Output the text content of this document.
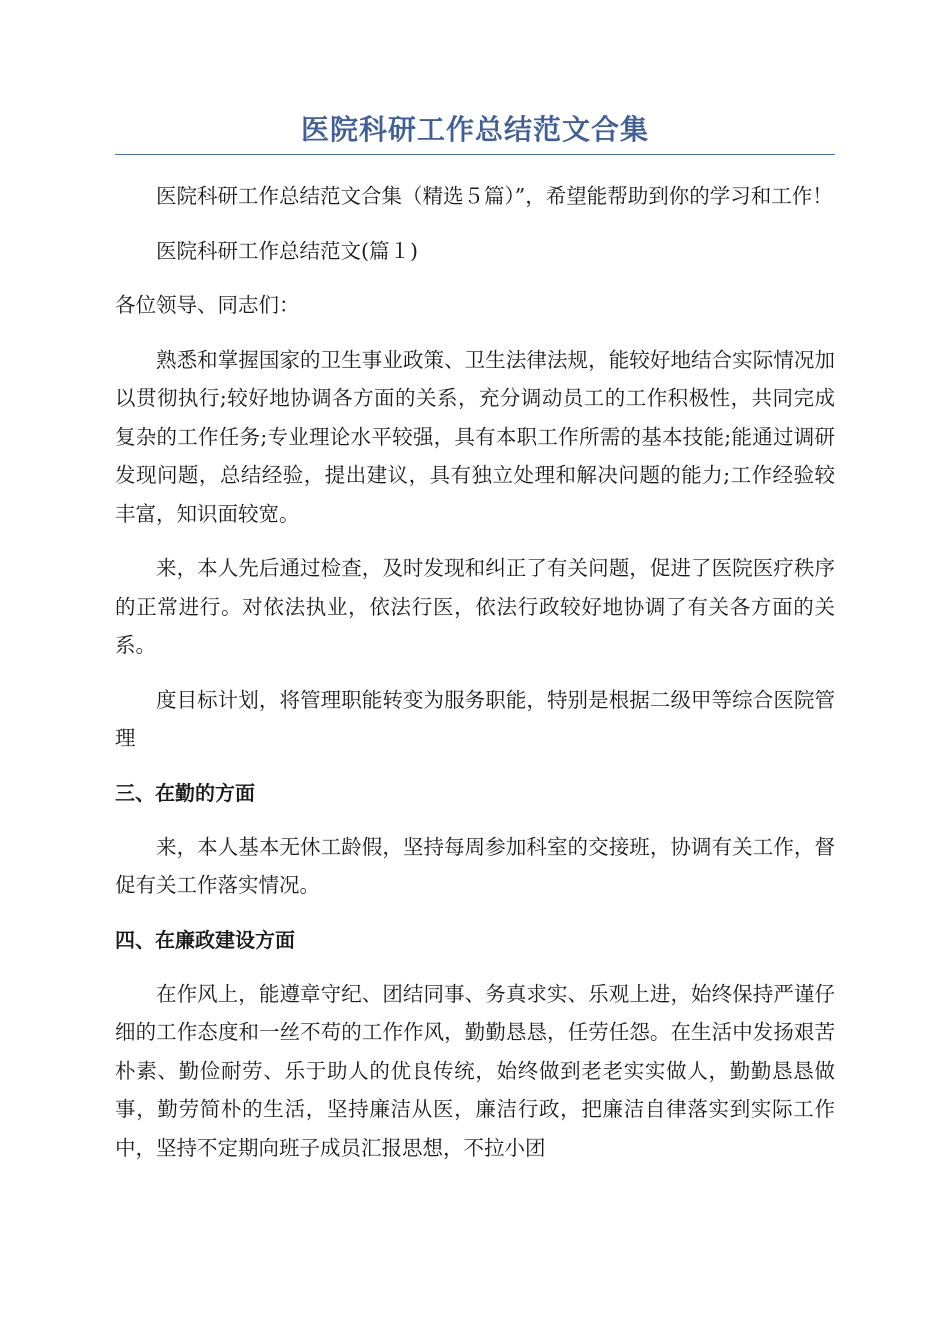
医院科研工作总结范文合集

医院科研工作总结范文合集（精选５篇）”，希望能帮助到你的学习和工作！

医院科研工作总结范文(篇１)

各位领导、同志们：

熟悉和掌握国家的卫生事业政策、卫生法律法规，能较好地结合实际情况加以贯彻执行;较好地协调各方面的关系，充分调动员工的工作积极性，共同完成复杂的工作任务;专业理论水平较强，具有本职工作所需的基本技能;能通过调研发现问题，总结经验，提出建议，具有独立处理和解决问题的能力;工作经验较丰富，知识面较宽。

来，本人先后通过检查，及时发现和纠正了有关问题，促进了医院医疗秩序的正常进行。对依法执业，依法行医，依法行政较好地协调了有关各方面的关系。

度目标计划，将管理职能转变为服务职能，特别是根据二级甲等综合医院管理

三、在勤的方面

来，本人基本无休工龄假，坚持每周参加科室的交接班，协调有关工作，督促有关工作落实情况。

四、在廉政建设方面

在作风上，能遵章守纪、团结同事、务真求实、乐观上进，始终保持严谨仔细的工作态度和一丝不苟的工作作风，勤勤恳恳，任劳任怨。在生活中发扬艰苦朴素、勤俭耐劳、乐于助人的优良传统，始终做到老老实实做人，勤勤恳恳做事，勤劳简朴的生活，坚持廉洁从医，廉洁行政，把廉洁自律落实到实际工作中，坚持不定期向班子成员汇报思想，不拉小团
